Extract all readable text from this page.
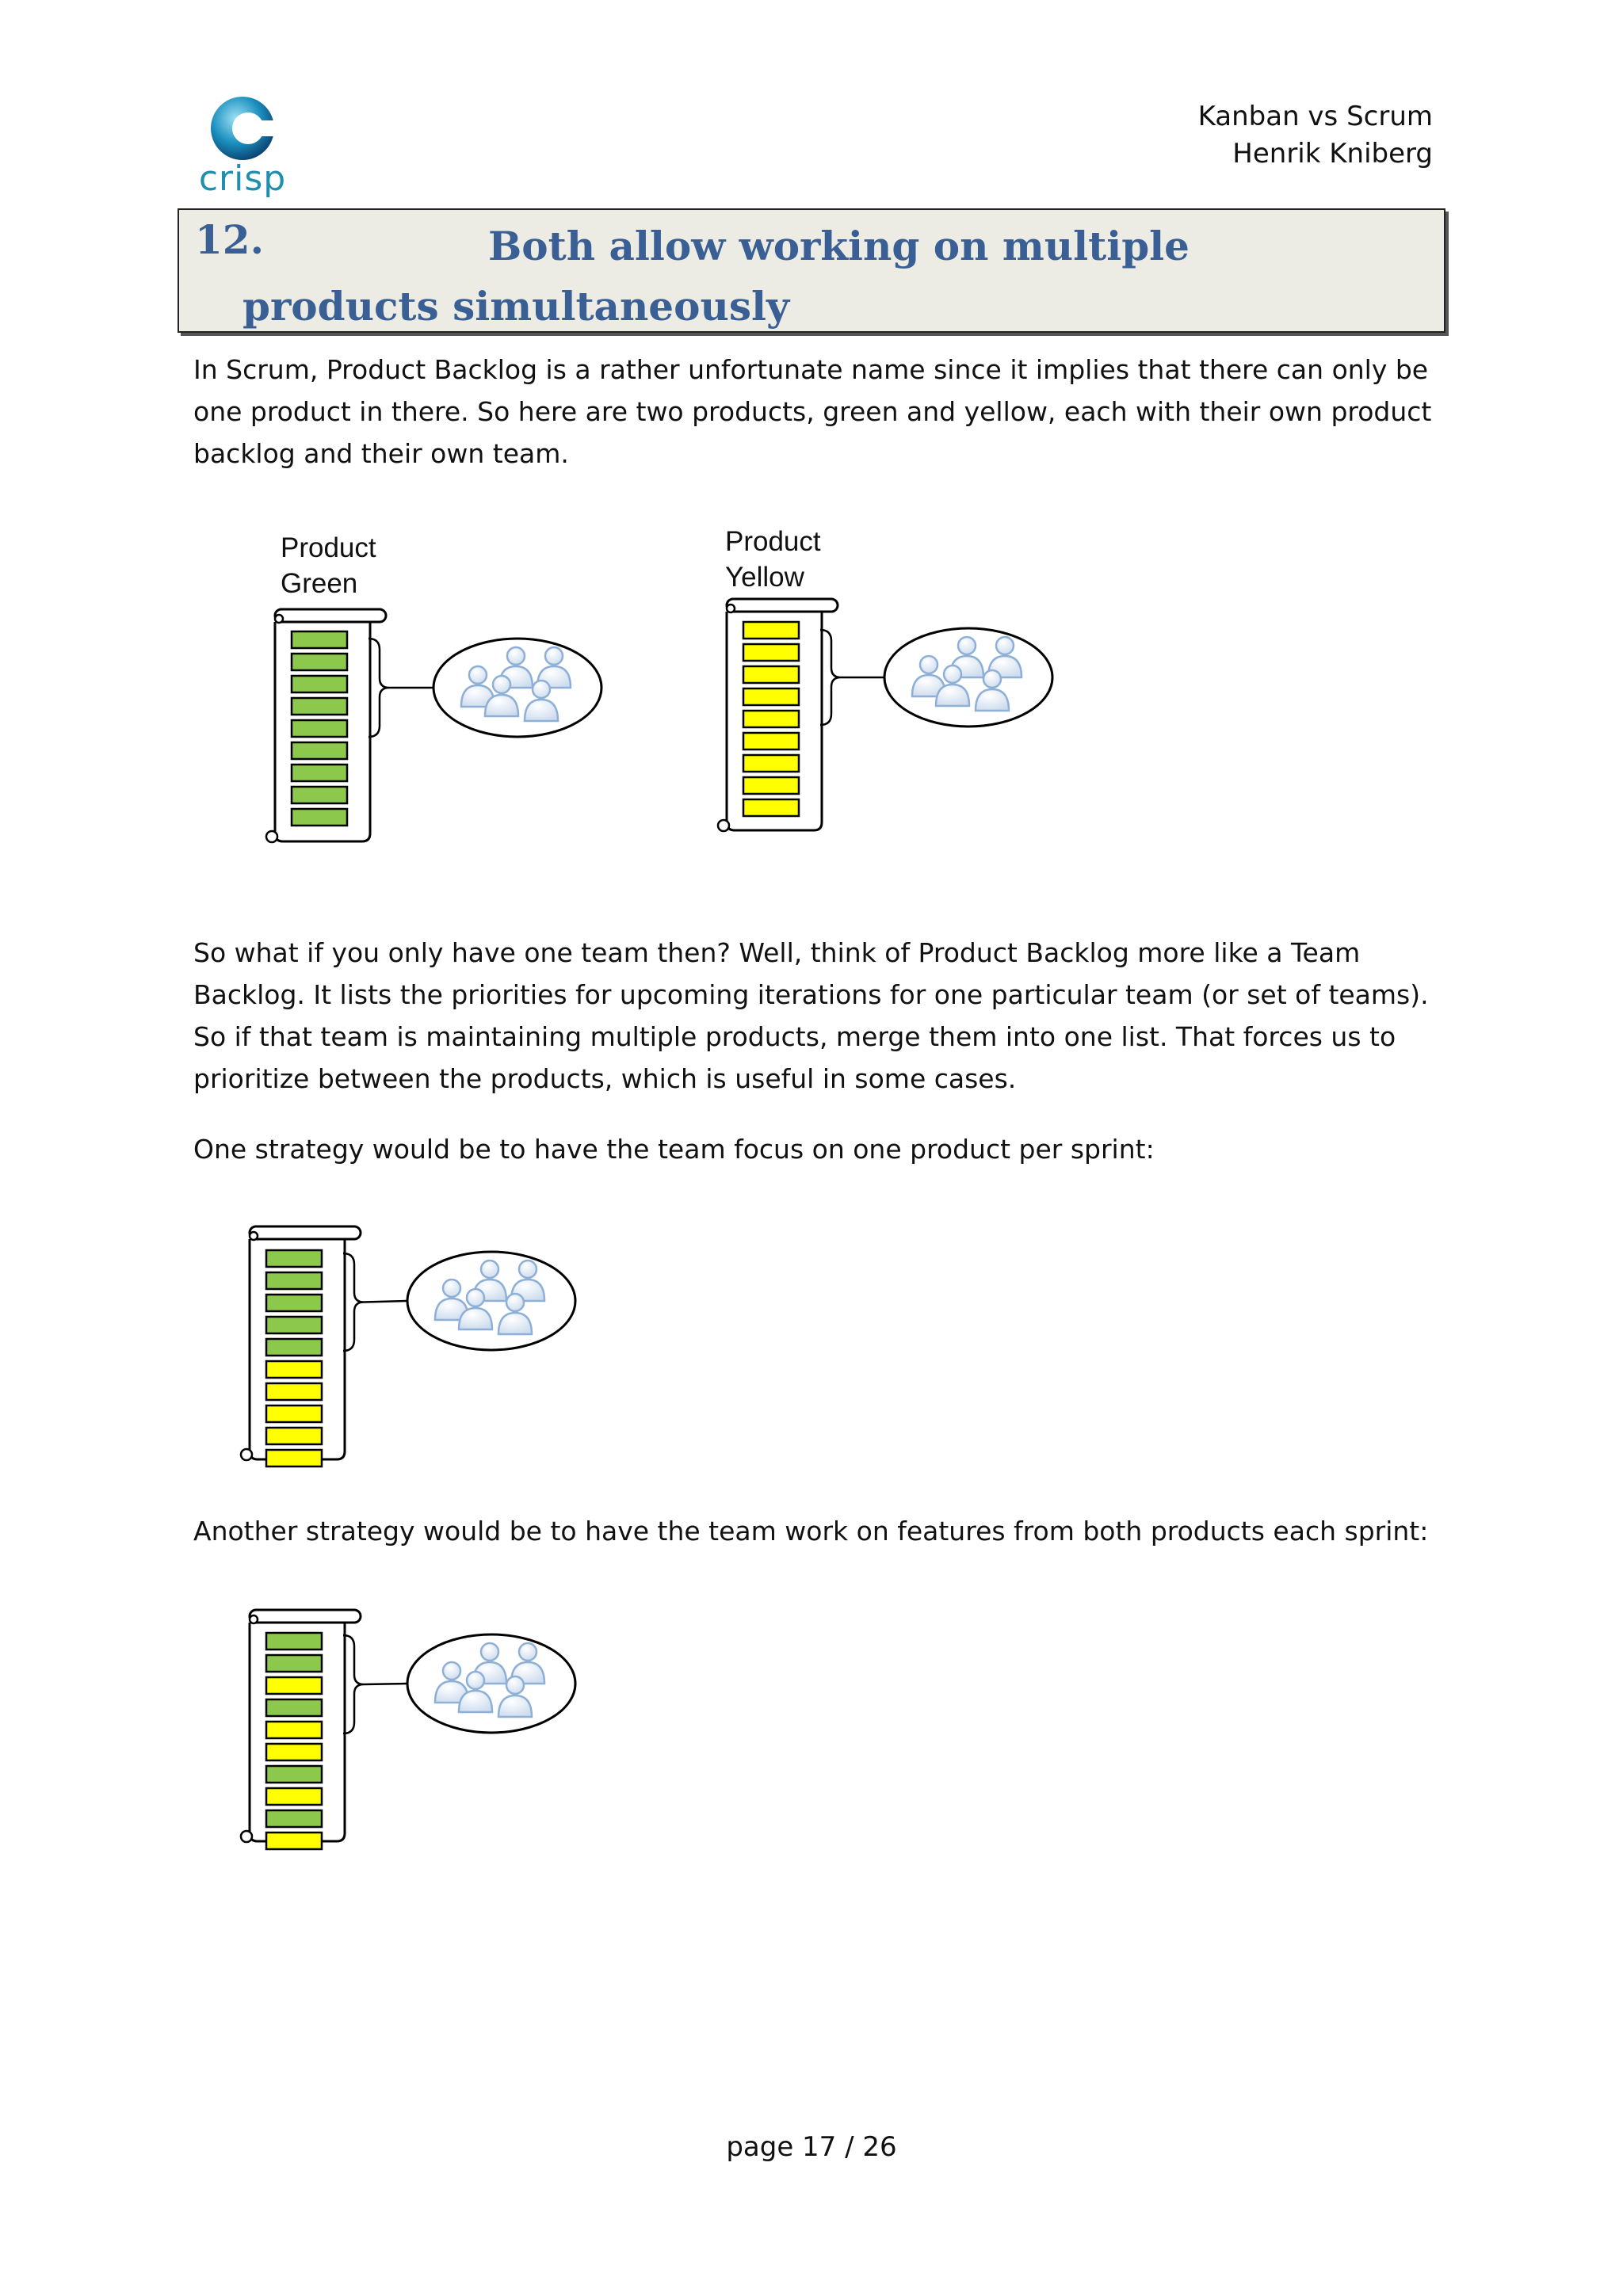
crisp
Kanban vs Scrum
Henrik Kniberg
12.	Both allow working on multiple products simultaneously

In Scrum, Product Backlog is a rather unfortunate name since it implies that there can only be one product in there. So here are two products, green and yellow, each with their own product backlog and their own team.

So what if you only have one team then? Well, think of Product Backlog more like a Team Backlog. It lists the priorities for upcoming iterations for one particular team (or set of teams). So if that team is maintaining multiple products, merge them into one list. That forces us to prioritize between the products, which is useful in some cases.

One strategy would be to have the team focus on one product per sprint:

Another strategy would be to have the team work on features from both products each sprint:

Product
Green
Product
Yellow
page 17 / 26
